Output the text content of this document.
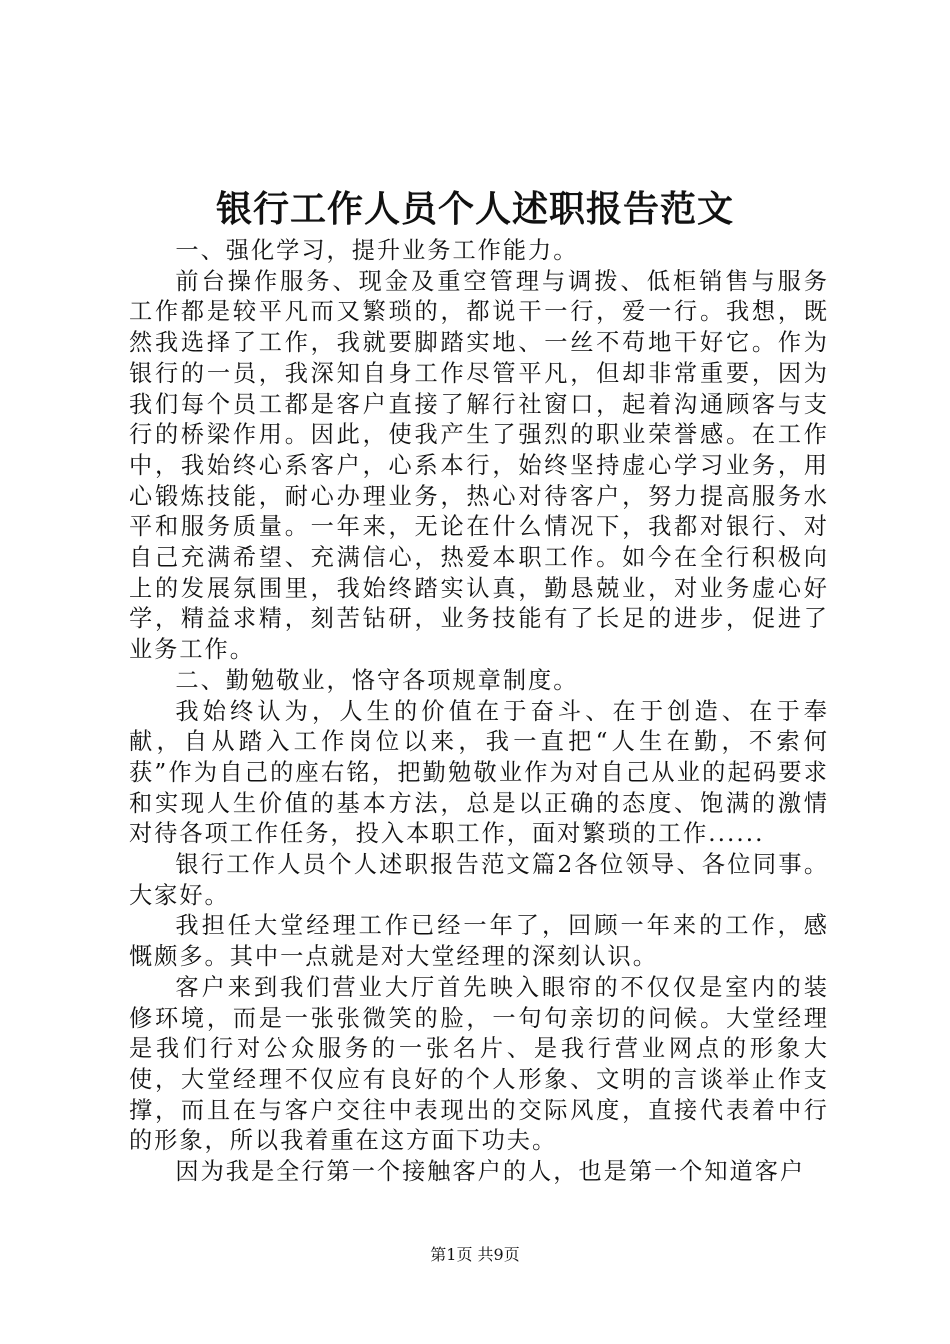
银行工作人员个人述职报告范文

一、强化学习，提升业务工作能力。

前台操作服务、现金及重空管理与调拨、低柜销售与服务工作都是较平凡而又繁琐的，都说干一行，爱一行。我想，既然我选择了工作，我就要脚踏实地、一丝不苟地干好它。作为银行的一员，我深知自身工作尽管平凡，但却非常重要，因为我们每个员工都是客户直接了解行社窗口，起着沟通顾客与支行的桥梁作用。因此，使我产生了强烈的职业荣誉感。在工作中，我始终心系客户，心系本行，始终坚持虚心学习业务，用心锻炼技能，耐心办理业务，热心对待客户，努力提高服务水平和服务质量。一年来，无论在什么情况下，我都对银行、对自己充满希望、充满信心，热爱本职工作。如今在全行积极向上的发展氛围里，我始终踏实认真，勤恳兢业，对业务虚心好学，精益求精，刻苦钻研，业务技能有了长足的进步，促进了业务工作。

二、勤勉敬业，恪守各项规章制度。

我始终认为，人生的价值在于奋斗、在于创造、在于奉献，自从踏入工作岗位以来，我一直把“人生在勤，不索何获”作为自己的座右铭，把勤勉敬业作为对自己从业的起码要求和实现人生价值的基本方法，总是以正确的态度、饱满的激情对待各项工作任务，投入本职工作，面对繁琐的工作......

银行工作人员个人述职报告范文篇2各位领导、各位同事。大家好。

我担任大堂经理工作已经一年了，回顾一年来的工作，感慨颇多。其中一点就是对大堂经理的深刻认识。

客户来到我们营业大厅首先映入眼帘的不仅仅是室内的装修环境，而是一张张微笑的脸，一句句亲切的问候。大堂经理是我们行对公众服务的一张名片、是我行营业网点的形象大使，大堂经理不仅应有良好的个人形象、文明的言谈举止作支撑，而且在与客户交往中表现出的交际风度，直接代表着中行的形象，所以我着重在这方面下功夫。

因为我是全行第一个接触客户的人，也是第一个知道客户

第1页 共9页
